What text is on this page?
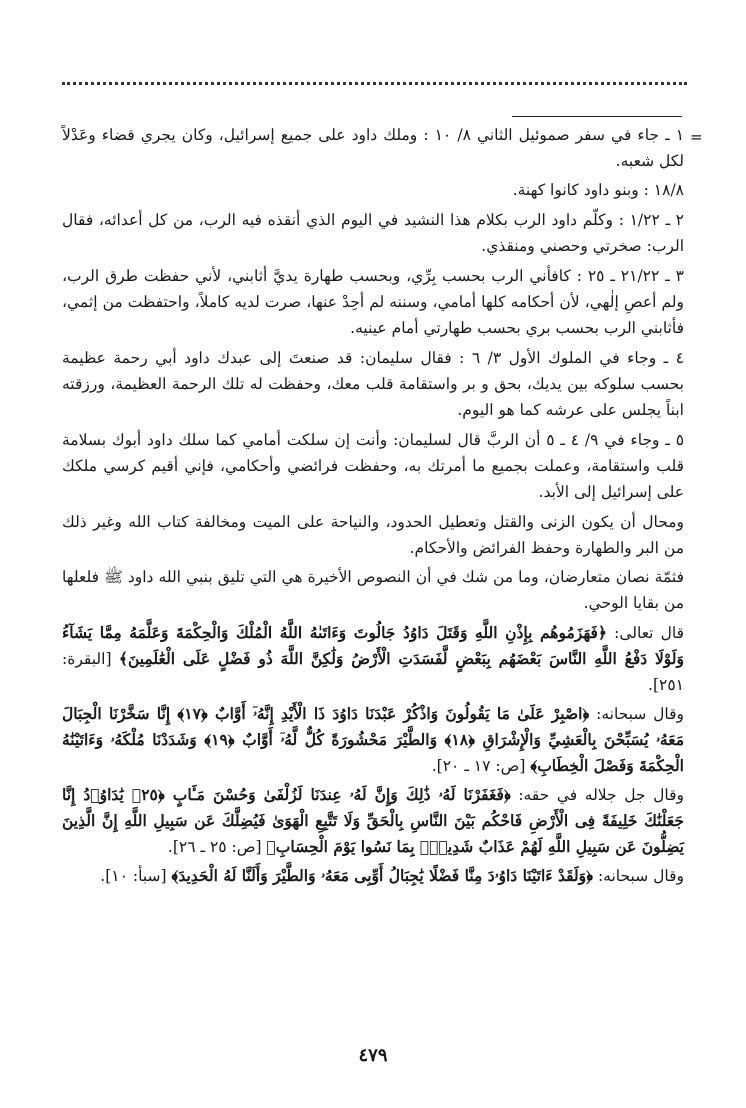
=

١ ـ جاء في سفر صموئيل الثاني ٨/ ١٠ : وملك داود على جميع إسرائيل، وكان يجري قضاء وعَدْلاً لكل شعبه.

١٨/٨ : وبنو داود كانوا كهنة.

٢ ـ ١/٢٢ : وكلّم داود الرب بكلام هذا النشيد في اليوم الذي أنقذه فيه الرب، من كل أعدائه، فقال الرب: صخرتي وحصني ومنقذي.

٣ ـ ٢١/٢٢ ـ ٢٥ : كافأني الرب بحسب بِرِّي، وبحسب طهارة يديَّ أثابني، لأني حفظت طرق الرب، ولم أعصِ إلٰهي، لأن أحكامه كلها أمامي، وسننه لم أحِدْ عنها، صرت لديه كاملاً، واحتفظت من إثمي، فأثابني الرب بحسب بري بحسب طهارتي أمام عينيه.

٤ ـ وجاء في الملوك الأول ٣/ ٦ : فقال سليمان: قد صنعتَ إلى عبدك داود أبي رحمة عظيمة بحسب سلوكه بين يديك، بحق و بر واستقامة قلب معك، وحفظت له تلك الرحمة العظيمة، ورزقته ابناً يجلس على عرشه كما هو اليوم.

٥ ـ وجاء في ٩/ ٤ ـ ٥ أن الربَّ قال لسليمان: وأنت إن سلكت أمامي كما سلك داود أبوك بسلامة قلب واستقامة، وعملت بجميع ما أمرتك به، وحفظت فرائضي وأحكامي، فإني أقيم كرسي ملكك على إسرائيل إلى الأبد.

ومحال أن يكون الزنى والقتل وتعطيل الحدود، والنياحة على الميت ومخالفة كتاب الله وغير ذلك من البر والطهارة وحفظ الفرائض والأحكام.

فثمّة نصان متعارضان، وما من شك في أن النصوص الأخيرة هي التي تليق بنبي الله داود ﷺ فلعلها من بقايا الوحي.

قال تعالى: ﴿فَهَزَمُوهُم بِإِذْنِ اللَّهِ وَقَتَلَ دَاوُدُ جَالُوتَ وَءَاتَىٰهُ اللَّهُ الْمُلْكَ وَالْحِكْمَةَ وَعَلَّمَهُ مِمَّا يَشَآءُ وَلَوْلَا دَفْعُ اللَّهِ النَّاسَ بَعْضَهُم بِبَعْضٍ لَّفَسَدَتِ الْأَرْضُ وَلَٰكِنَّ اللَّهَ ذُو فَضْلٍ عَلَى الْعَٰلَمِينَ﴾ [البقرة: ٢٥١].

وقال سبحانه: ﴿اصْبِرْ عَلَىٰ مَا يَقُولُونَ وَاذْكُرْ عَبْدَنَا دَاوُدَ ذَا الْأَيْدِ إِنَّهُۥٓ أَوَّابٌ ﴿١٧﴾ إِنَّا سَخَّرْنَا الْجِبَالَ مَعَهُۥ يُسَبِّحْنَ بِالْعَشِيِّ وَالْإِشْرَاقِ ﴿١٨﴾ وَالطَّيْرَ مَحْشُورَةً كُلٌّ لَّهُۥٓ أَوَّابٌ ﴿١٩﴾ وَشَدَدْنَا مُلْكَهُۥ وَءَاتَيْنَٰهُ الْحِكْمَةَ وَفَصْلَ الْخِطَابِ﴾ [ص: ١٧ ـ ٢٠].

وقال جل جلاله في حقه: ﴿فَغَفَرْنَا لَهُۥ ذَٰلِكَ وَإِنَّ لَهُۥ عِندَنَا لَزُلْفَىٰ وَحُسْنَ مَـَٔابٍ ﴿٢٥﴾ يَٰدَاوُۥدُ إِنَّا جَعَلْنَٰكَ خَلِيفَةً فِى الْأَرْضِ فَاحْكُم بَيْنَ النَّاسِ بِالْحَقِّ وَلَا تَتَّبِعِ الْهَوَىٰ فَيُضِلَّكَ عَن سَبِيلِ اللَّهِ إِنَّ الَّذِينَ يَضِلُّونَ عَن سَبِيلِ اللَّهِ لَهُمْ عَذَابٌ شَدِيدٌۢ بِمَا نَسُوا يَوْمَ الْحِسَابِ﴾ [ص: ٢٥ ـ ٢٦].

وقال سبحانه: ﴿وَلَقَدْ ءَاتَيْنَا دَاوُۥدَ مِنَّا فَضْلًا يَٰجِبَالُ أَوِّبِى مَعَهُۥ وَالطَّيْرَ وَأَلَنَّا لَهُ الْحَدِيدَ﴾ [سبأ: ١٠].

٤٧٩
